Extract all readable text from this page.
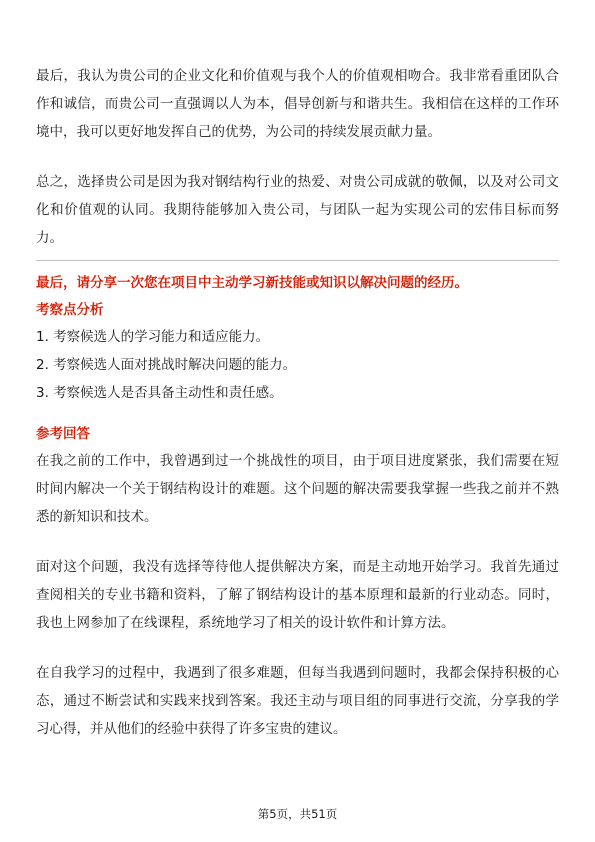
最后，我认为贵公司的企业文化和价值观与我个人的价值观相吻合。我非常看重团队合作和诚信，而贵公司一直强调以人为本，倡导创新与和谐共生。我相信在这样的工作环境中，我可以更好地发挥自己的优势，为公司的持续发展贡献力量。

总之，选择贵公司是因为我对钢结构行业的热爱、对贵公司成就的敬佩，以及对公司文化和价值观的认同。我期待能够加入贵公司，与团队一起为实现公司的宏伟目标而努力。

最后，请分享一次您在项目中主动学习新技能或知识以解决问题的经历。

考察点分析

1. 考察候选人的学习能力和适应能力。

2. 考察候选人面对挑战时解决问题的能力。

3. 考察候选人是否具备主动性和责任感。

参考回答

在我之前的工作中，我曾遇到过一个挑战性的项目，由于项目进度紧张，我们需要在短时间内解决一个关于钢结构设计的难题。这个问题的解决需要我掌握一些我之前并不熟悉的新知识和技术。

面对这个问题，我没有选择等待他人提供解决方案，而是主动地开始学习。我首先通过查阅相关的专业书籍和资料，了解了钢结构设计的基本原理和最新的行业动态。同时，我也上网参加了在线课程，系统地学习了相关的设计软件和计算方法。

在自我学习的过程中，我遇到了很多难题，但每当我遇到问题时，我都会保持积极的心态，通过不断尝试和实践来找到答案。我还主动与项目组的同事进行交流，分享我的学习心得，并从他们的经验中获得了许多宝贵的建议。

第5页，共51页
